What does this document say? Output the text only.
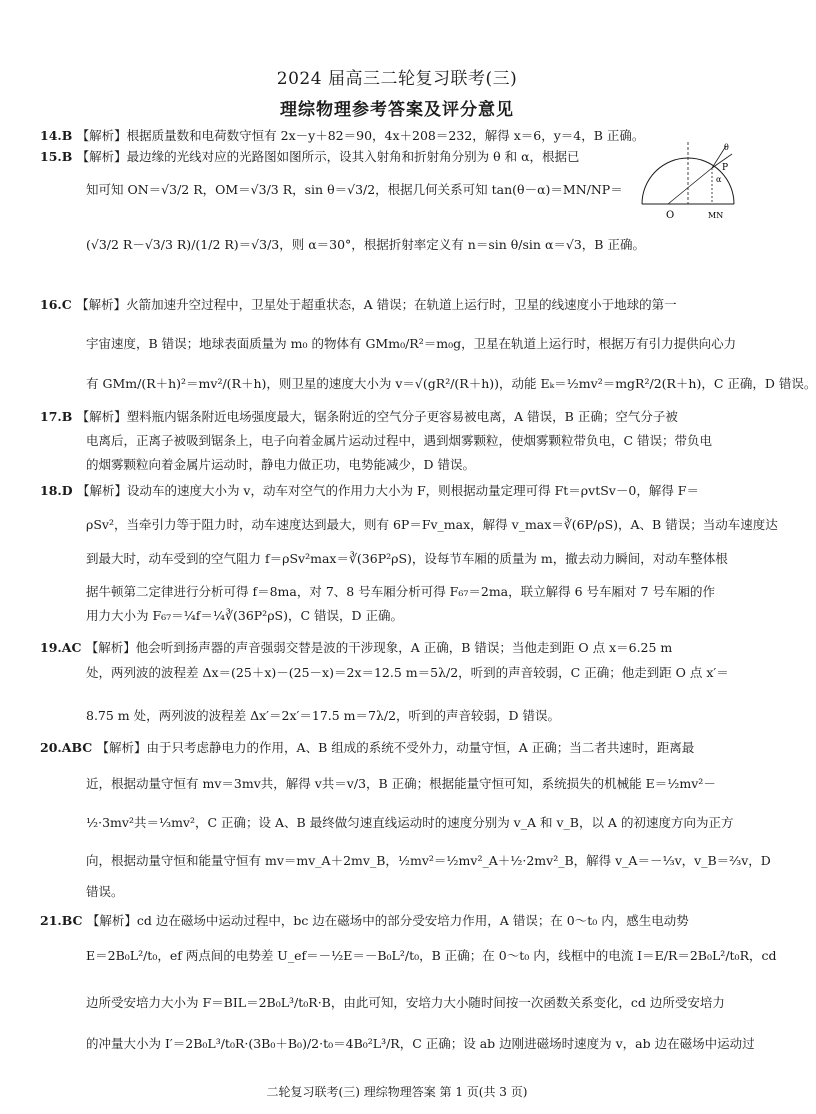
2024 届高三二轮复习联考(三)
理综物理参考答案及评分意见
O	MN
P
θ
α
14.B 【解析】根据质量数和电荷数守恒有 2x－y＋82＝90，4x＋208＝232，解得 x＝6，y＝4，B 正确。
15.B 【解析】最边缘的光线对应的光路图如图所示，设其入射角和折射角分别为 θ 和 α，根据已
知可知 ON＝√3/2 R，OM＝√3/3 R，sin θ＝√3/2，根据几何关系可知 tan(θ－α)＝MN/NP＝
(√3/2 R－√3/3 R)/(1/2 R)＝√3/3，则 α＝30°，根据折射率定义有 n＝sin θ/sin α＝√3，B 正确。
16.C 【解析】火箭加速升空过程中，卫星处于超重状态，A 错误；在轨道上运行时，卫星的线速度小于地球的第一
宇宙速度，B 错误；地球表面质量为 m₀ 的物体有 GMm₀/R²＝m₀g，卫星在轨道上运行时，根据万有引力提供向心力
有 GMm/(R＋h)²＝mv²/(R＋h)，则卫星的速度大小为 v＝√(gR²/(R＋h))，动能 Eₖ＝½mv²＝mgR²/2(R＋h)，C 正确，D 错误。
17.B 【解析】塑料瓶内锯条附近电场强度最大，锯条附近的空气分子更容易被电离，A 错误，B 正确；空气分子被
电离后，正离子被吸到锯条上，电子向着金属片运动过程中，遇到烟雾颗粒，使烟雾颗粒带负电，C 错误；带负电
的烟雾颗粒向着金属片运动时，静电力做正功，电势能减少，D 错误。
18.D 【解析】设动车的速度大小为 v，动车对空气的作用力大小为 F，则根据动量定理可得 Ft＝ρvtSv－0，解得 F＝
ρSv²，当牵引力等于阻力时，动车速度达到最大，则有 6P＝Fv_max，解得 v_max＝∛(6P/ρS)，A、B 错误；当动车速度达
到最大时，动车受到的空气阻力 f＝ρSv²max＝∛(36P²ρS)，设每节车厢的质量为 m，撤去动力瞬间，对动车整体根
据牛顿第二定律进行分析可得 f＝8ma，对 7、8 号车厢分析可得 F₆₇＝2ma，联立解得 6 号车厢对 7 号车厢的作
用力大小为 F₆₇＝¼f＝¼∛(36P²ρS)，C 错误，D 正确。
19.AC 【解析】他会听到扬声器的声音强弱交替是波的干涉现象，A 正确，B 错误；当他走到距 O 点 x＝6.25 m
处，两列波的波程差 Δx＝(25＋x)－(25－x)＝2x＝12.5 m＝5λ/2，听到的声音较弱，C 正确；他走到距 O 点 x′＝
8.75 m 处，两列波的波程差 Δx′＝2x′＝17.5 m＝7λ/2，听到的声音较弱，D 错误。
20.ABC 【解析】由于只考虑静电力的作用，A、B 组成的系统不受外力，动量守恒，A 正确；当二者共速时，距离最
近，根据动量守恒有 mv＝3mv共，解得 v共＝v/3，B 正确；根据能量守恒可知，系统损失的机械能 E＝½mv²－
½·3mv²共＝⅓mv²，C 正确；设 A、B 最终做匀速直线运动时的速度分别为 v_A 和 v_B，以 A 的初速度方向为正方
向，根据动量守恒和能量守恒有 mv＝mv_A＋2mv_B，½mv²＝½mv²_A＋½·2mv²_B，解得 v_A＝－⅓v，v_B＝⅔v，D
错误。
21.BC 【解析】cd 边在磁场中运动过程中，bc 边在磁场中的部分受安培力作用，A 错误；在 0～t₀ 内，感生电动势
E＝2B₀L²/t₀，ef 两点间的电势差 U_ef＝－½E＝－B₀L²/t₀，B 正确；在 0～t₀ 内，线框中的电流 I＝E/R＝2B₀L²/t₀R，cd
边所受安培力大小为 F＝BIL＝2B₀L³/t₀R·B，由此可知，安培力大小随时间按一次函数关系变化，cd 边所受安培力
的冲量大小为 I′＝2B₀L³/t₀R·(3B₀＋B₀)/2·t₀＝4B₀²L³/R，C 正确；设 ab 边刚进磁场时速度为 v，ab 边在磁场中运动过
二轮复习联考(三) 理综物理答案 第 1 页(共 3 页)
